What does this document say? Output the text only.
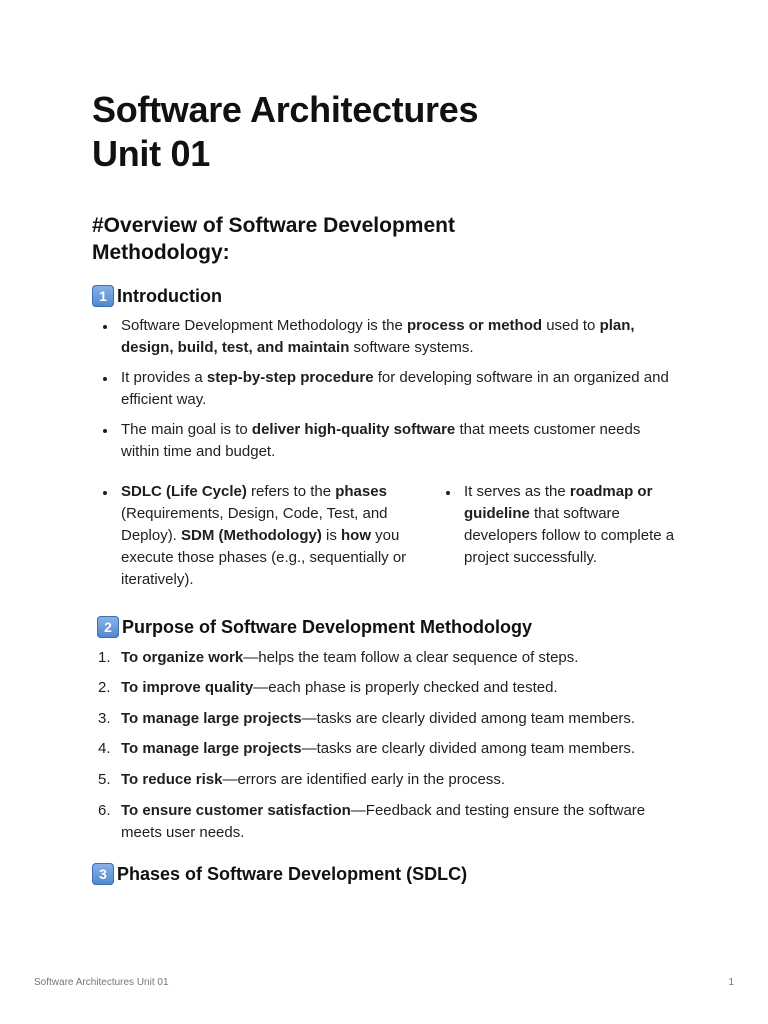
Software Architectures
Unit 01
#Overview of Software Development Methodology:
1 Introduction
Software Development Methodology is the process or method used to plan, design, build, test, and maintain software systems.
It provides a step-by-step procedure for developing software in an organized and efficient way.
The main goal is to deliver high-quality software that meets customer needs within time and budget.
SDLC (Life Cycle) refers to the phases (Requirements, Design, Code, Test, and Deploy). SDM (Methodology) is how you execute those phases (e.g., sequentially or iteratively).
It serves as the roadmap or guideline that software developers follow to complete a project successfully.
2 Purpose of Software Development Methodology
1. To organize work—helps the team follow a clear sequence of steps.
2. To improve quality—each phase is properly checked and tested.
3. To manage large projects—tasks are clearly divided among team members.
4. To manage large projects—tasks are clearly divided among team members.
5. To reduce risk—errors are identified early in the process.
6. To ensure customer satisfaction—Feedback and testing ensure the software meets user needs.
3 Phases of Software Development (SDLC)
Software Architectures Unit 01	1
